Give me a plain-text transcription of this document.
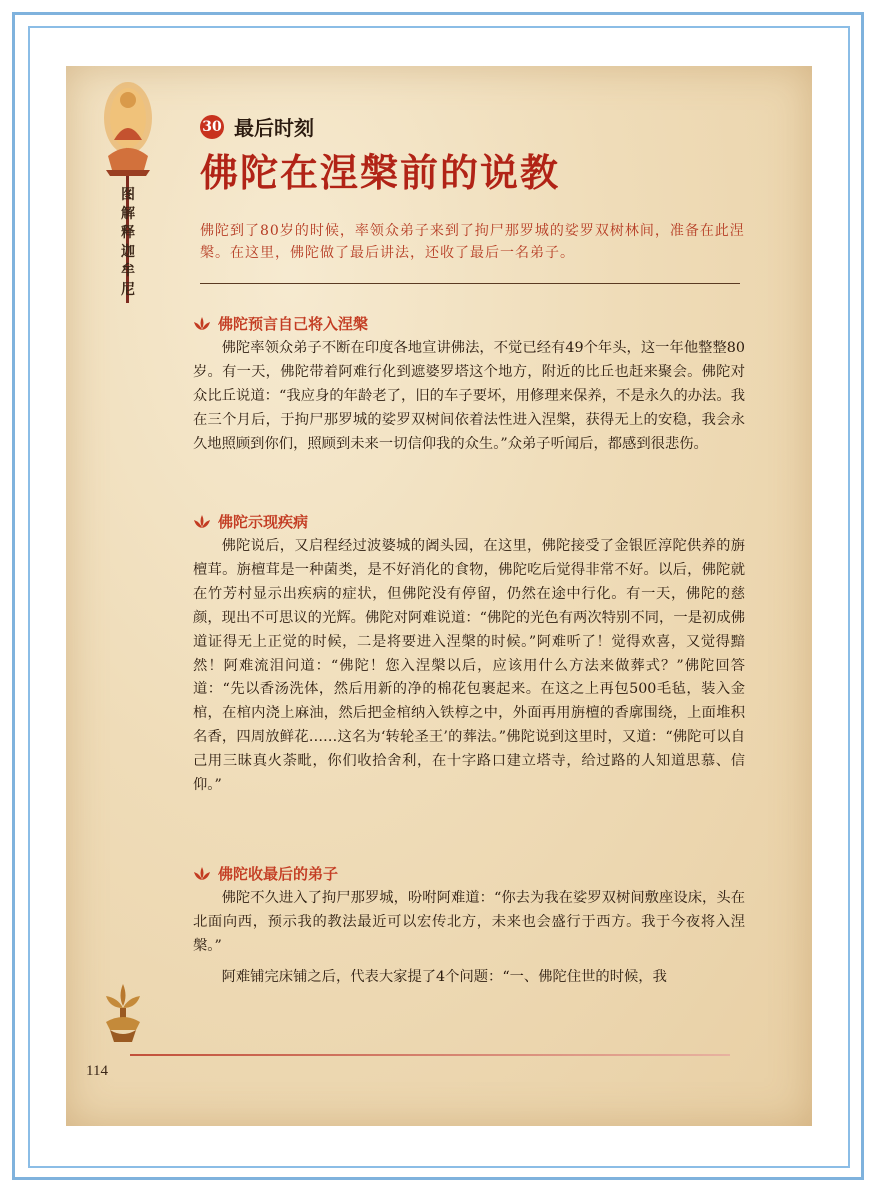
图
解
释
迦
牟
尼
30 最后时刻
佛陀在涅槃前的说教
佛陀到了80岁的时候，率领众弟子来到了拘尸那罗城的娑罗双树林间，准备在此涅槃。在这里，佛陀做了最后讲法，还收了最后一名弟子。
佛陀预言自己将入涅槃
佛陀率领众弟子不断在印度各地宣讲佛法，不觉已经有49个年头，这一年他整整80岁。有一天，佛陀带着阿难行化到遮婆罗塔这个地方，附近的比丘也赶来聚会。佛陀对众比丘说道：“我应身的年龄老了，旧的车子要坏，用修理来保养，不是永久的办法。我在三个月后，于拘尸那罗城的娑罗双树间依着法性进入涅槃，获得无上的安稳，我会永久地照顾到你们，照顾到未来一切信仰我的众生。”众弟子听闻后，都感到很悲伤。
佛陀示现疾病
佛陀说后，又启程经过波婆城的阇头园，在这里，佛陀接受了金银匠淳陀供养的旃檀茸。旃檀茸是一种菌类，是不好消化的食物，佛陀吃后觉得非常不好。以后，佛陀就在竹芳村显示出疾病的症状，但佛陀没有停留，仍然在途中行化。有一天，佛陀的慈颜，现出不可思议的光辉。佛陀对阿难说道：“佛陀的光色有两次特别不同，一是初成佛道证得无上正觉的时候，二是将要进入涅槃的时候。”阿难听了！觉得欢喜，又觉得黯然！阿难流泪问道：“佛陀！您入涅槃以后，应该用什么方法来做葬式？”佛陀回答道：“先以香汤洗体，然后用新的净的棉花包裹起来。在这之上再包500毛毡，装入金棺，在棺内浇上麻油，然后把金棺纳入铁椁之中，外面再用旃檀的香廓围绕，上面堆积名香，四周放鲜花……这名为‘转轮圣王’的葬法。”佛陀说到这里时，又道：“佛陀可以自己用三昧真火荼毗，你们收拾舍利，在十字路口建立塔寺，给过路的人知道思慕、信仰。”
佛陀收最后的弟子
佛陀不久进入了拘尸那罗城，吩咐阿难道：“你去为我在娑罗双树间敷座设床，头在北面向西，预示我的教法最近可以宏传北方，未来也会盛行于西方。我于今夜将入涅槃。”
阿难铺完床铺之后，代表大家提了4个问题：“一、佛陀住世的时候，我
114
